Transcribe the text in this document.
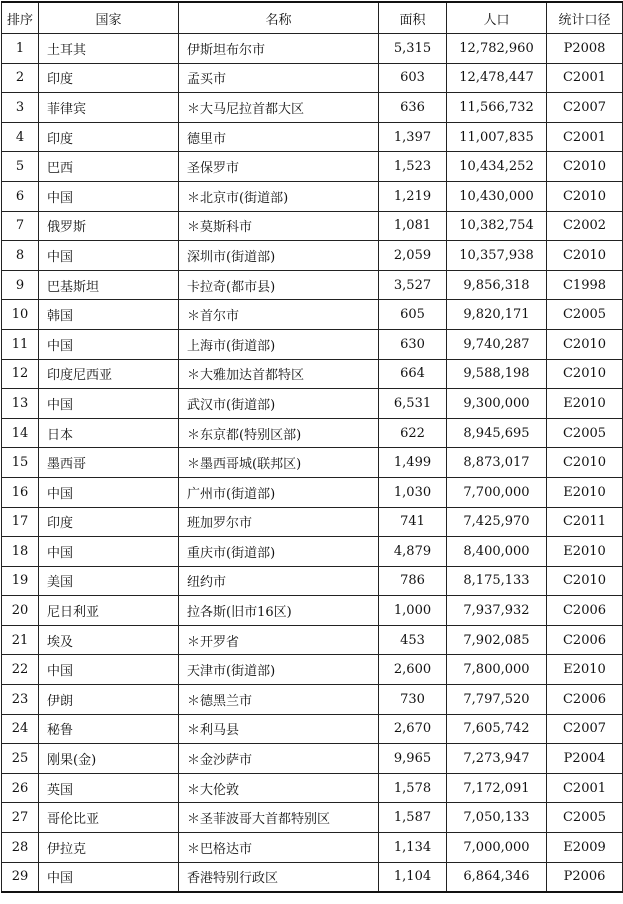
排序	国家	名称	面积	人口	统计口径
1	土耳其	伊斯坦布尔市	5,315	12,782,960	P2008
2	印度	孟买市	603	12,478,447	C2001
3	菲律宾	＊大马尼拉首都大区	636	11,566,732	C2007
4	印度	德里市	1,397	11,007,835	C2001
5	巴西	圣保罗市	1,523	10,434,252	C2010
6	中国	＊北京市(街道部)	1,219	10,430,000	C2010
7	俄罗斯	＊莫斯科市	1,081	10,382,754	C2002
8	中国	深圳市(街道部)	2,059	10,357,938	C2010
9	巴基斯坦	卡拉奇(都市县)	3,527	9,856,318	C1998
10	韩国	＊首尔市	605	9,820,171	C2005
11	中国	上海市(街道部)	630	9,740,287	C2010
12	印度尼西亚	＊大雅加达首都特区	664	9,588,198	C2010
13	中国	武汉市(街道部)	6,531	9,300,000	E2010
14	日本	＊东京都(特别区部)	622	8,945,695	C2005
15	墨西哥	＊墨西哥城(联邦区)	1,499	8,873,017	C2010
16	中国	广州市(街道部)	1,030	7,700,000	E2010
17	印度	班加罗尔市	741	7,425,970	C2011
18	中国	重庆市(街道部)	4,879	8,400,000	E2010
19	美国	纽约市	786	8,175,133	C2010
20	尼日利亚	拉各斯(旧市16区)	1,000	7,937,932	C2006
21	埃及	＊开罗省	453	7,902,085	C2006
22	中国	天津市(街道部)	2,600	7,800,000	E2010
23	伊朗	＊德黑兰市	730	7,797,520	C2006
24	秘鲁	＊利马县	2,670	7,605,742	C2007
25	刚果(金)	＊金沙萨市	9,965	7,273,947	P2004
26	英国	＊大伦敦	1,578	7,172,091	C2001
27	哥伦比亚	＊圣菲波哥大首都特别区	1,587	7,050,133	C2005
28	伊拉克	＊巴格达市	1,134	7,000,000	E2009
29	中国	香港特别行政区	1,104	6,864,346	P2006
